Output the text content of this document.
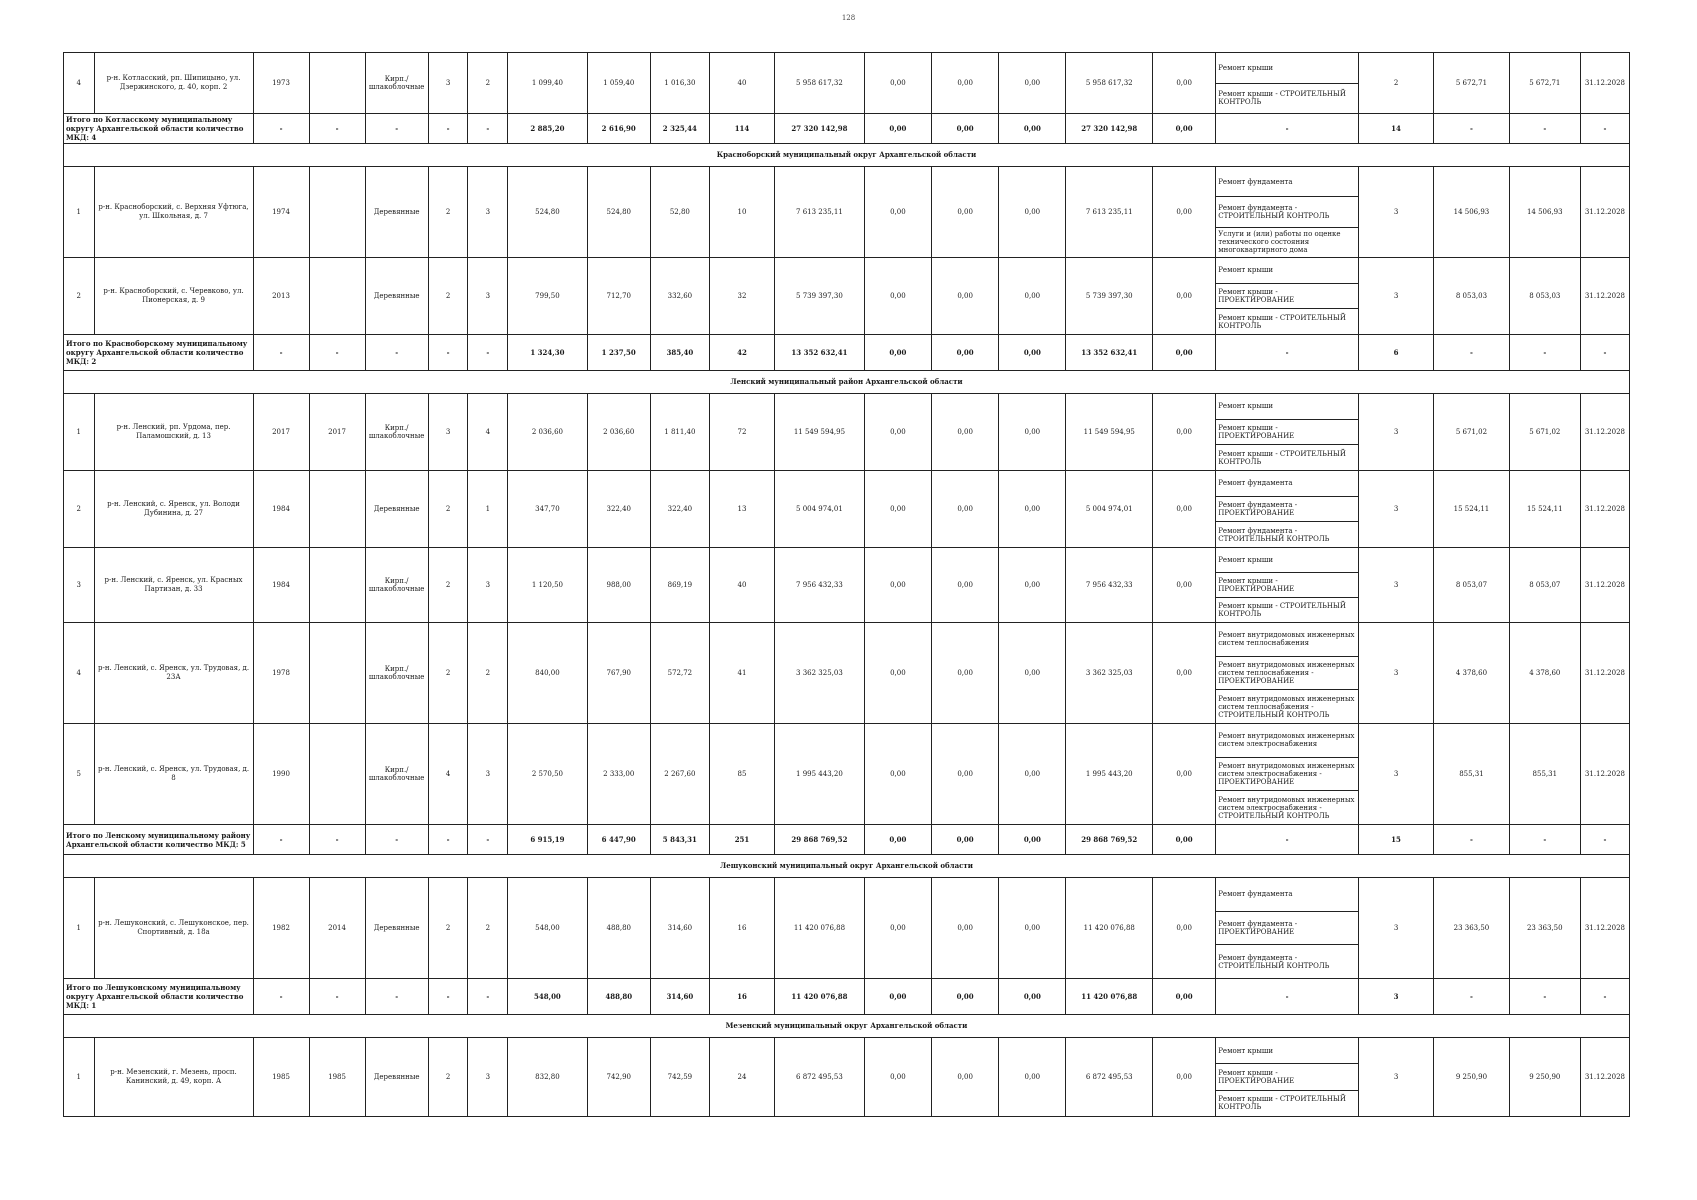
128
4	р-н. Котласский, рп. Шипицыно, ул. Дзержинского, д. 40, корп. 2	1973		Кирп./ шлакоблочные	3	2	1 099,40	1 059,40	1 016,30	40	5 958 617,32	0,00	0,00	0,00	5 958 617,32	0,00	Ремонт крыши
Ремонт крыши - СТРОИТЕЛЬНЫЙ КОНТРОЛЬ	2	5 672,71	5 672,71	31.12.2028
Итого по Котласскому муниципальному округу Архангельской области количество МКД: 4		-	-	-	-	-	2 885,20	2 616,90	2 325,44	114	27 320 142,98	0,00	0,00	0,00	27 320 142,98	0,00	-	14	-	-	-
Красноборский муниципальный округ Архангельской области																					
1	р-н. Красноборский, с. Верхняя Уфтюга, ул. Школьная, д. 7	1974		Деревянные	2	3	524,80	524,80	52,80	10	7 613 235,11	0,00	0,00	0,00	7 613 235,11	0,00	Ремонт фундамента
Ремонт фундамента - СТРОИТЕЛЬНЫЙ КОНТРОЛЬ
Услуги и (или) работы по оценке технического состояния многоквартирного дома	3	14 506,93	14 506,93	31.12.2028
2	р-н. Красноборский, с. Черевково, ул. Пионерская, д. 9	2013		Деревянные	2	3	799,50	712,70	332,60	32	5 739 397,30	0,00	0,00	0,00	5 739 397,30	0,00	Ремонт крыши
Ремонт крыши - ПРОЕКТИРОВАНИЕ
Ремонт крыши - СТРОИТЕЛЬНЫЙ КОНТРОЛЬ	3	8 053,03	8 053,03	31.12.2028
Итого по Красноборскому муниципальному округу Архангельской области количество МКД: 2		-	-	-	-	-	1 324,30	1 237,50	385,40	42	13 352 632,41	0,00	0,00	0,00	13 352 632,41	0,00	-	6	-	-	-
Ленский муниципальный район Архангельской области																					
1	р-н. Ленский, рп. Урдома, пер. Паламошский, д. 13	2017	2017	Кирп./ шлакоблочные	3	4	2 036,60	2 036,60	1 811,40	72	11 549 594,95	0,00	0,00	0,00	11 549 594,95	0,00	Ремонт крыши
Ремонт крыши - ПРОЕКТИРОВАНИЕ
Ремонт крыши - СТРОИТЕЛЬНЫЙ КОНТРОЛЬ	3	5 671,02	5 671,02	31.12.2028
2	р-н. Ленский, с. Яренск, ул. Володи Дубинина, д. 27	1984		Деревянные	2	1	347,70	322,40	322,40	13	5 004 974,01	0,00	0,00	0,00	5 004 974,01	0,00	Ремонт фундамента
Ремонт фундамента - ПРОЕКТИРОВАНИЕ
Ремонт фундамента - СТРОИТЕЛЬНЫЙ КОНТРОЛЬ	3	15 524,11	15 524,11	31.12.2028
3	р-н. Ленский, с. Яренск, ул. Красных Партизан, д. 33	1984		Кирп./ шлакоблочные	2	3	1 120,50	988,00	869,19	40	7 956 432,33	0,00	0,00	0,00	7 956 432,33	0,00	Ремонт крыши
Ремонт крыши - ПРОЕКТИРОВАНИЕ
Ремонт крыши - СТРОИТЕЛЬНЫЙ КОНТРОЛЬ	3	8 053,07	8 053,07	31.12.2028
4	р-н. Ленский, с. Яренск, ул. Трудовая, д. 23А	1978		Кирп./ шлакоблочные	2	2	840,00	767,90	572,72	41	3 362 325,03	0,00	0,00	0,00	3 362 325,03	0,00	Ремонт внутридомовых инженерных систем теплоснабжения
Ремонт внутридомовых инженерных систем теплоснабжения - ПРОЕКТИРОВАНИЕ
Ремонт внутридомовых инженерных систем теплоснабжения - СТРОИТЕЛЬНЫЙ КОНТРОЛЬ	3	4 378,60	4 378,60	31.12.2028
5	р-н. Ленский, с. Яренск, ул. Трудовая, д. 8	1990		Кирп./ шлакоблочные	4	3	2 570,50	2 333,00	2 267,60	85	1 995 443,20	0,00	0,00	0,00	1 995 443,20	0,00	Ремонт внутридомовых инженерных систем электроснабжения
Ремонт внутридомовых инженерных систем электроснабжения - ПРОЕКТИРОВАНИЕ
Ремонт внутридомовых инженерных систем электроснабжения - СТРОИТЕЛЬНЫЙ КОНТРОЛЬ	3	855,31	855,31	31.12.2028
Итого по Ленскому муниципальному району Архангельской области количество МКД: 5		-	-	-	-	-	6 915,19	6 447,90	5 843,31	251	29 868 769,52	0,00	0,00	0,00	29 868 769,52	0,00	-	15	-	-	-
Лешуконский муниципальный округ Архангельской области																					
1	р-н. Лешуконский, с. Лешуконское, пер. Спортивный, д. 18а	1982	2014	Деревянные	2	2	548,00	488,80	314,60	16	11 420 076,88	0,00	0,00	0,00	11 420 076,88	0,00	Ремонт фундамента
Ремонт фундамента - ПРОЕКТИРОВАНИЕ
Ремонт фундамента - СТРОИТЕЛЬНЫЙ КОНТРОЛЬ	3	23 363,50	23 363,50	31.12.2028
Итого по Лешуконскому муниципальному округу Архангельской области количество МКД: 1		-	-	-	-	-	548,00	488,80	314,60	16	11 420 076,88	0,00	0,00	0,00	11 420 076,88	0,00	-	3	-	-	-
Мезенский муниципальный округ Архангельской области																					
1	р-н. Мезенский, г. Мезень, просп. Канинский, д. 49, корп. А	1985	1985	Деревянные	2	3	832,80	742,90	742,59	24	6 872 495,53	0,00	0,00	0,00	6 872 495,53	0,00	Ремонт крыши
Ремонт крыши - ПРОЕКТИРОВАНИЕ
Ремонт крыши - СТРОИТЕЛЬНЫЙ КОНТРОЛЬ	3	9 250,90	9 250,90	31.12.2028
